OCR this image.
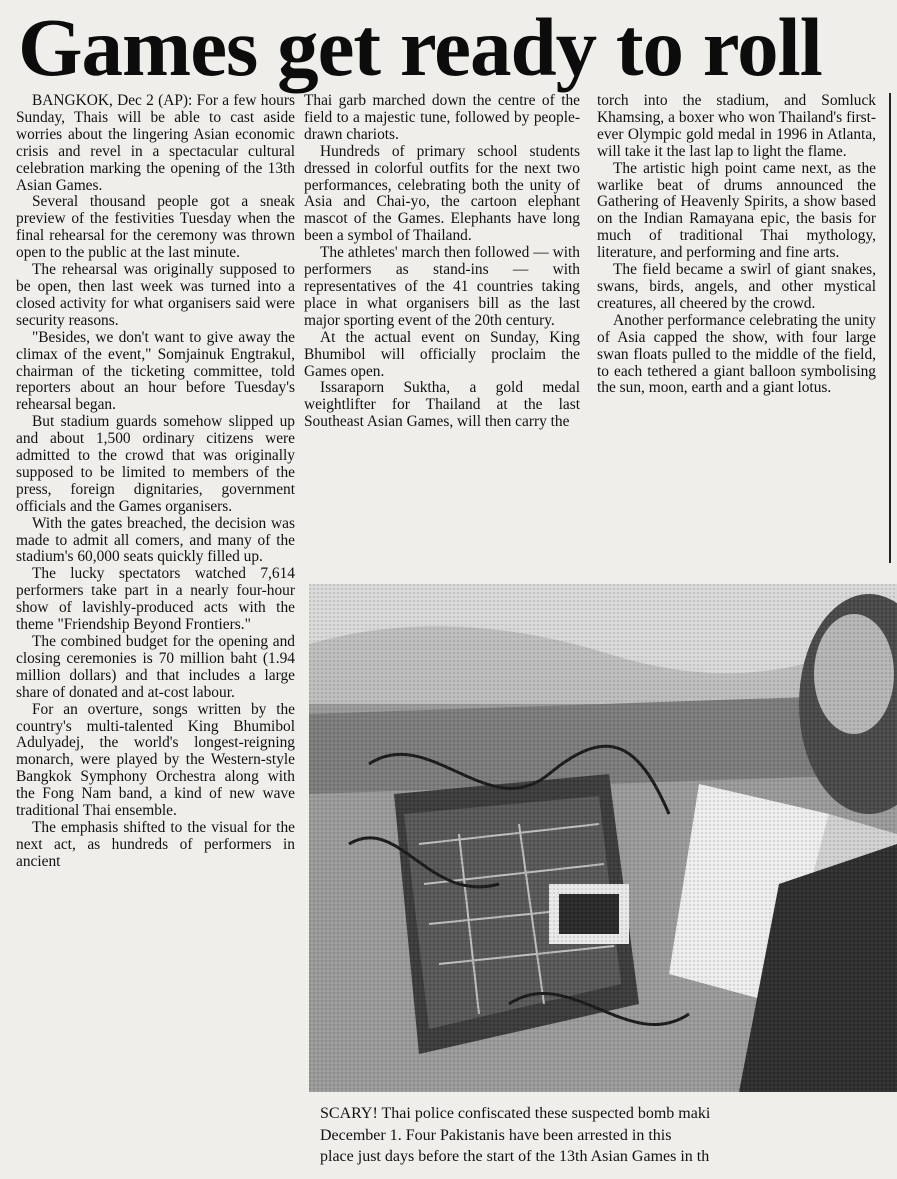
Games get ready to roll

BANGKOK, Dec 2 (AP): For a few hours Sunday, Thais will be able to cast aside worries about the lingering Asian economic crisis and revel in a spectacular cultural celebration marking the opening of the 13th Asian Games.

Several thousand people got a sneak preview of the festivities Tuesday when the final rehearsal for the ceremony was thrown open to the public at the last minute.

The rehearsal was originally supposed to be open, then last week was turned into a closed activity for what organisers said were security reasons.

"Besides, we don't want to give away the climax of the event," Somjainuk Engtrakul, chairman of the ticketing committee, told reporters about an hour before Tuesday's rehearsal began.

But stadium guards somehow slipped up and about 1,500 ordinary citizens were admitted to the crowd that was originally supposed to be limited to members of the press, foreign dignitaries, government officials and the Games organisers.

With the gates breached, the decision was made to admit all comers, and many of the stadium's 60,000 seats quickly filled up.

The lucky spectators watched 7,614 performers take part in a nearly four-hour show of lavishly-produced acts with the theme "Friendship Beyond Frontiers."

The combined budget for the opening and closing ceremonies is 70 million baht (1.94 million dollars) and that includes a large share of donated and at-cost labour.

For an overture, songs written by the country's multi-talented King Bhumibol Adulyadej, the world's longest-reigning monarch, were played by the Western-style Bangkok Symphony Orchestra along with the Fong Nam band, a kind of new wave traditional Thai ensemble.

The emphasis shifted to the visual for the next act, as hundreds of performers in ancient

Thai garb marched down the centre of the field to a majestic tune, followed by people-drawn chariots.

Hundreds of primary school students dressed in colorful outfits for the next two performances, celebrating both the unity of Asia and Chai-yo, the cartoon elephant mascot of the Games. Elephants have long been a symbol of Thailand.

The athletes' march then followed — with performers as stand-ins — with representatives of the 41 countries taking place in what organisers bill as the last major sporting event of the 20th century.

At the actual event on Sunday, King Bhumibol will officially proclaim the Games open.

Issaraporn Suktha, a gold medal weightlifter for Thailand at the last Southeast Asian Games, will then carry the

torch into the stadium, and Somluck Khamsing, a boxer who won Thailand's first-ever Olympic gold medal in 1996 in Atlanta, will take it the last lap to light the flame.

The artistic high point came next, as the warlike beat of drums announced the Gathering of Heavenly Spirits, a show based on the Indian Ramayana epic, the basis for much of traditional Thai mythology, literature, and performing and fine arts.

The field became a swirl of giant snakes, swans, birds, angels, and other mystical creatures, all cheered by the crowd.

Another performance celebrating the unity of Asia capped the show, with four large swan floats pulled to the middle of the field, to each tethered a giant balloon symbolising the sun, moon, earth and a giant lotus.

SCARY! Thai police confiscated these suspected bomb maki

December 1. Four Pakistanis have been arrested in this

place just days before the start of the 13th Asian Games in th
